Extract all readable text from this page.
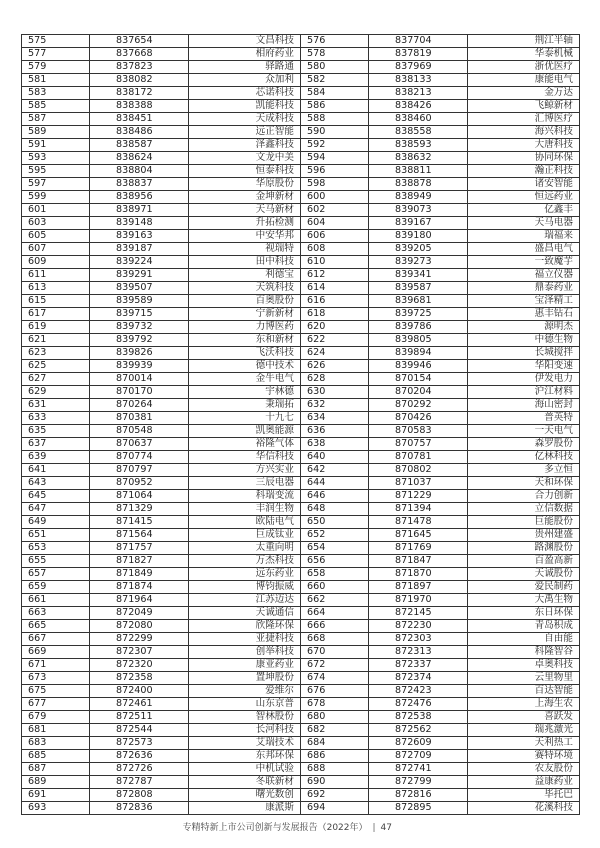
575	837654	文昌科技	576	837704	荆江半轴
577	837668	相府药业	578	837819	华泰机械
579	837823	驿路通	580	837969	浙优医疗
581	838082	众加利	582	838133	康能电气
583	838172	芯诺科技	584	838213	金万达
585	838388	凯能科技	586	838426	飞鲸新材
587	838451	天成科技	588	838460	汇博医疗
589	838486	远正智能	590	838558	海兴科技
591	838587	泽鑫科技	592	838593	大唐科技
593	838624	文龙中美	594	838632	协同环保
595	838804	恒泰科技	596	838811	瀚正科技
597	838837	华原股份	598	838878	诸安智能
599	838956	金坤新材	600	838949	恒远药业
601	838971	天马新材	602	839073	亿鑫丰
603	839148	升拓检测	604	839167	天马电器
605	839163	中安华邦	606	839180	瑞福来
607	839187	视瑞特	608	839205	盛昌电气
609	839224	田中科技	610	839273	一致魔芋
611	839291	利德宝	612	839341	福立仪器
613	839507	天筑科技	614	839587	鼎泰药业
615	839589	百奥股份	616	839681	宝泽精工
617	839715	宁新新材	618	839725	惠丰钻石
619	839732	力博医药	620	839786	源明杰
621	839792	东和新材	622	839805	中德生物
623	839826	飞沃科技	624	839894	长城搅拌
625	839939	德中技术	626	839946	华阳变速
627	870014	金牛电气	628	870154	伊发电力
629	870170	宇林德	630	870204	沪江材料
631	870264	秉瑞拓	632	870292	海山密封
633	870381	十九七	634	870426	普英特
635	870548	凯奥能源	636	870583	一天电气
637	870637	裕隆气体	638	870757	森罗股份
639	870774	华信科技	640	870781	亿林科技
641	870797	方兴实业	642	870802	多立恒
643	870952	三辰电器	644	871037	天和环保
645	871064	科瑞变流	646	871229	合力创新
647	871329	丰润生物	648	871394	立信数据
649	871415	欧陆电气	650	871478	巨能股份
651	871564	巨成钛业	652	871645	贵州建盛
653	871757	太重向明	654	871769	路渊股份
655	871827	万杰科技	656	871847	百盈高新
657	871849	远东药业	658	871870	天诚股份
659	871874	博钧振威	660	871897	爱民制药
661	871964	江苏迈达	662	871970	大禹生物
663	872049	天诚通信	664	872145	东日环保
665	872080	欣隆环保	666	872230	青岛积成
667	872299	亚捷科技	668	872303	自由能
669	872307	创举科技	670	872313	科隆智谷
671	872320	康亚药业	672	872337	卓奥科技
673	872358	置坤股份	674	872374	云里物里
675	872400	爱维尔	676	872423	百达智能
677	872461	山东京普	678	872476	上海生农
679	872511	智林股份	680	872538	喜跃发
681	872544	长河科技	682	872562	瑞兆激光
683	872573	艾瑞技术	684	872609	天利热工
685	872636	东邦环保	686	872709	赛特环境
687	872726	中机试验	688	872741	农友股份
689	872787	冬联新材	690	872799	益康药业
691	872808	曙光数创	692	872816	毕托巴
693	872836	康派斯	694	872895	花溪科技
专精特新上市公司创新与发展报告（2022年） | 47
